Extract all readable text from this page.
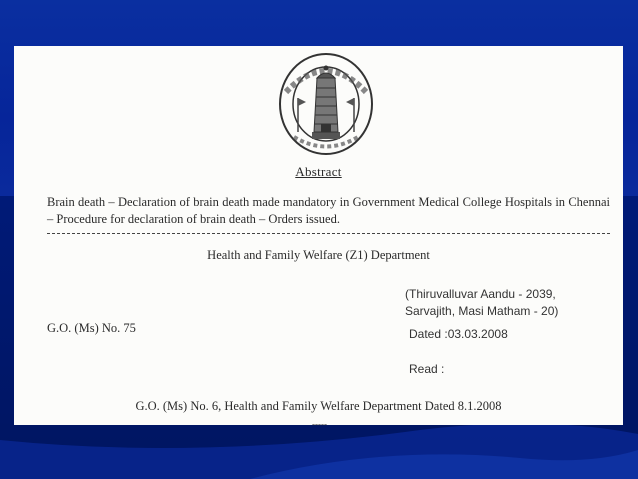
Abstract
Brain death – Declaration of brain death made mandatory in Government Medical College Hospitals in Chennai – Procedure for declaration of brain death – Orders issued.
Health and Family Welfare (Z1) Department
(Thiruvalluvar Aandu - 2039,
Sarvajith, Masi Matham - 20)
G.O. (Ms) No. 75	Dated :03.03.2008
Read :
G.O. (Ms) No. 6, Health and Family Welfare Department Dated 8.1.2008
-----
